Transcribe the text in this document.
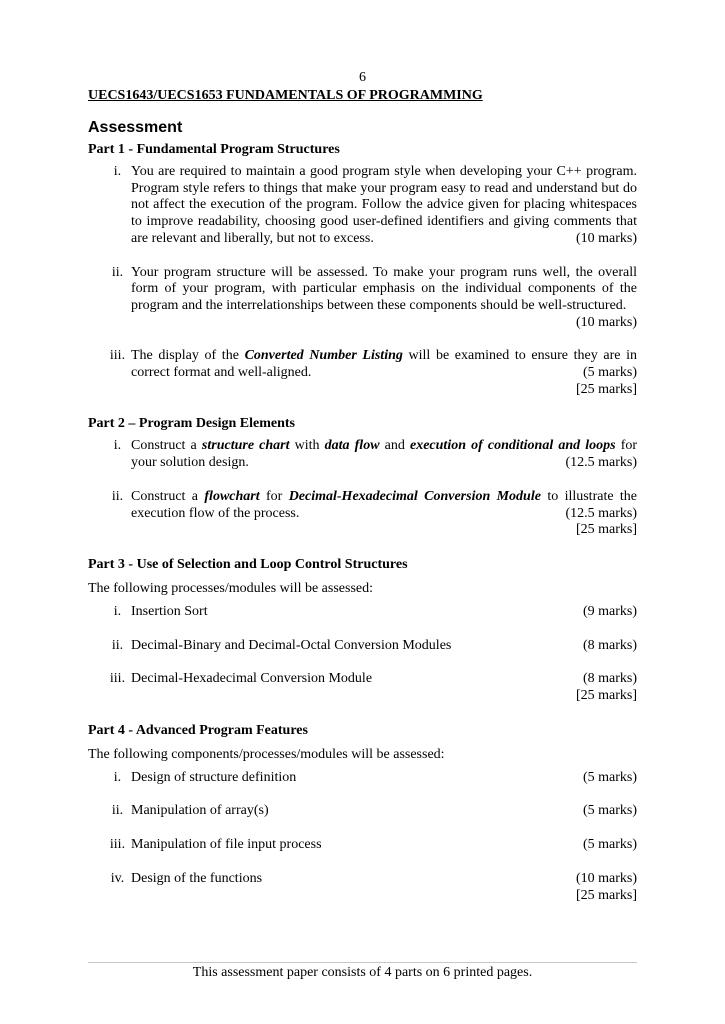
6
UECS1643/UECS1653 FUNDAMENTALS OF PROGRAMMING
Assessment
Part 1 - Fundamental Program Structures
i. You are required to maintain a good program style when developing your C++ program. Program style refers to things that make your program easy to read and understand but do not affect the execution of the program. Follow the advice given for placing whitespaces to improve readability, choosing good user-defined identifiers and giving comments that are relevant and liberally, but not to excess.	(10 marks)
ii. Your program structure will be assessed. To make your program runs well, the overall form of your program, with particular emphasis on the individual components of the program and the interrelationships between these components should be well-structured.
(10 marks)
iii. The display of the Converted Number Listing will be examined to ensure they are in correct format and well-aligned.	(5 marks)
[25 marks]
Part 2 – Program Design Elements
i. Construct a structure chart with data flow and execution of conditional and loops for your solution design.	(12.5 marks)
ii. Construct a flowchart for Decimal-Hexadecimal Conversion Module to illustrate the execution flow of the process.	(12.5 marks)
[25 marks]
Part 3 - Use of Selection and Loop Control Structures
The following processes/modules will be assessed:
i. Insertion Sort	(9 marks)
ii. Decimal-Binary and Decimal-Octal Conversion Modules	(8 marks)
iii. Decimal-Hexadecimal Conversion Module	(8 marks)
[25 marks]
Part 4 - Advanced Program Features
The following components/processes/modules will be assessed:
i. Design of structure definition	(5 marks)
ii. Manipulation of array(s)	(5 marks)
iii. Manipulation of file input process	(5 marks)
iv. Design of the functions	(10 marks)
[25 marks]
This assessment paper consists of 4 parts on 6 printed pages.
